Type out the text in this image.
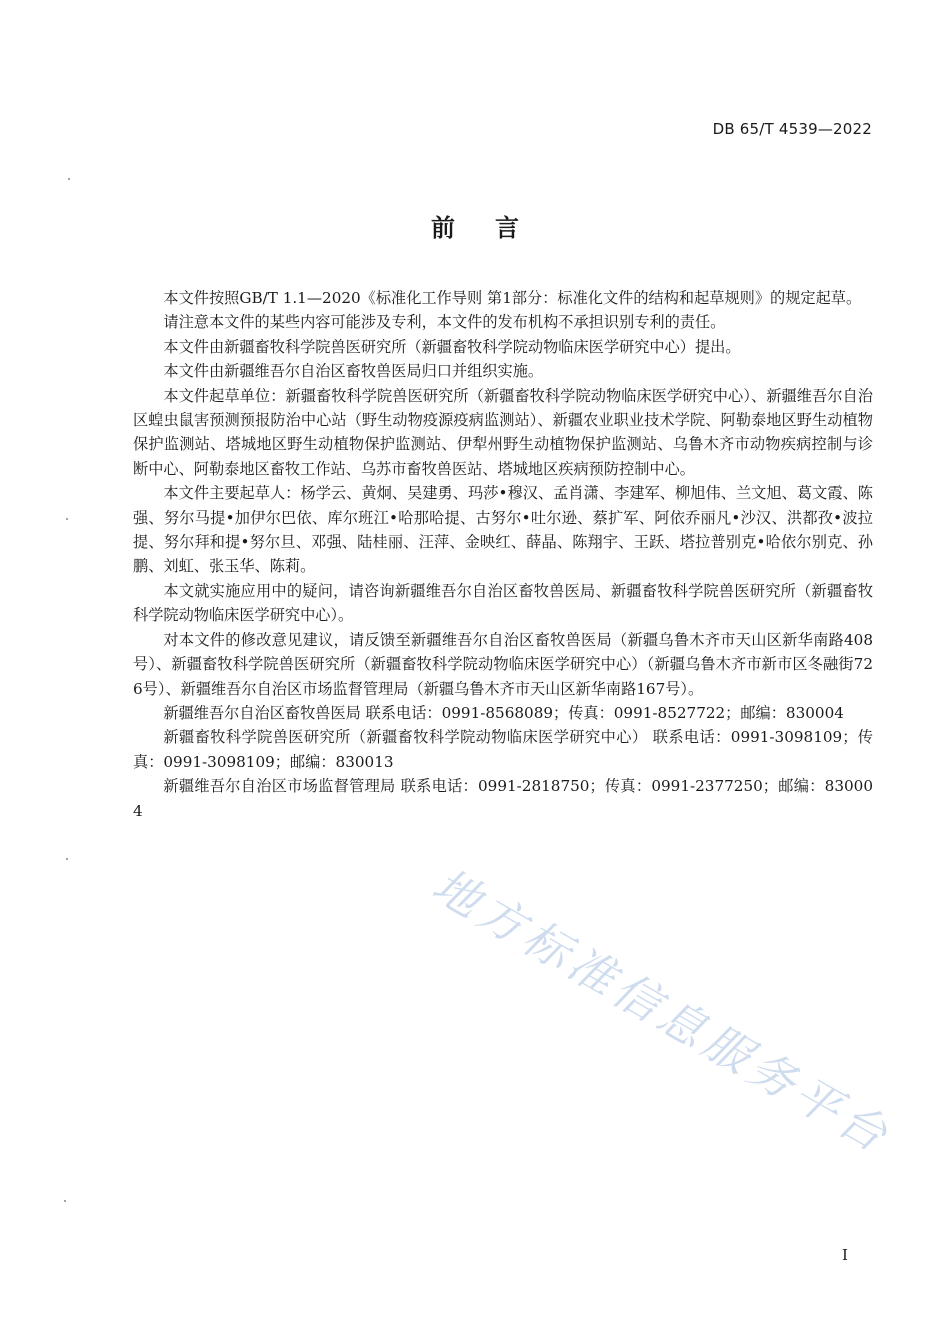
DB 65/T 4539—2022
前言

本文件按照GB/T 1.1—2020《标准化工作导则 第1部分：标准化文件的结构和起草规则》的规定起草。

请注意本文件的某些内容可能涉及专利，本文件的发布机构不承担识别专利的责任。

本文件由新疆畜牧科学院兽医研究所（新疆畜牧科学院动物临床医学研究中心）提出。

本文件由新疆维吾尔自治区畜牧兽医局归口并组织实施。

本文件起草单位：新疆畜牧科学院兽医研究所（新疆畜牧科学院动物临床医学研究中心）、新疆维吾尔自治区蝗虫鼠害预测预报防治中心站（野生动物疫源疫病监测站）、新疆农业职业技术学院、阿勒泰地区野生动植物保护监测站、塔城地区野生动植物保护监测站、伊犁州野生动植物保护监测站、乌鲁木齐市动物疾病控制与诊断中心、阿勒泰地区畜牧工作站、乌苏市畜牧兽医站、塔城地区疾病预防控制中心。

本文件主要起草人：杨学云、黄炯、吴建勇、玛莎•穆汉、孟肖潇、李建军、柳旭伟、兰文旭、葛文霞、陈强、努尔马提•加伊尔巴依、库尔班江•哈那哈提、古努尔•吐尔逊、蔡扩军、阿依乔丽凡•沙汉、洪都孜•波拉提、努尔拜和提•努尔旦、邓强、陆桂丽、汪萍、金映红、薛晶、陈翔宇、王跃、塔拉普别克•哈依尔别克、孙鹏、刘虹、张玉华、陈莉。

本文就实施应用中的疑问，请咨询新疆维吾尔自治区畜牧兽医局、新疆畜牧科学院兽医研究所（新疆畜牧科学院动物临床医学研究中心）。

对本文件的修改意见建议，请反馈至新疆维吾尔自治区畜牧兽医局（新疆乌鲁木齐市天山区新华南路408号）、新疆畜牧科学院兽医研究所（新疆畜牧科学院动物临床医学研究中心）（新疆乌鲁木齐市新市区冬融街726号）、新疆维吾尔自治区市场监督管理局（新疆乌鲁木齐市天山区新华南路167号）。

新疆维吾尔自治区畜牧兽医局 联系电话：0991-8568089；传真：0991-8527722；邮编：830004

新疆畜牧科学院兽医研究所（新疆畜牧科学院动物临床医学研究中心） 联系电话：0991-3098109；传真：0991-3098109；邮编：830013

新疆维吾尔自治区市场监督管理局 联系电话：0991-2818750；传真：0991-2377250；邮编：830004

地方标准信息服务平台
I
